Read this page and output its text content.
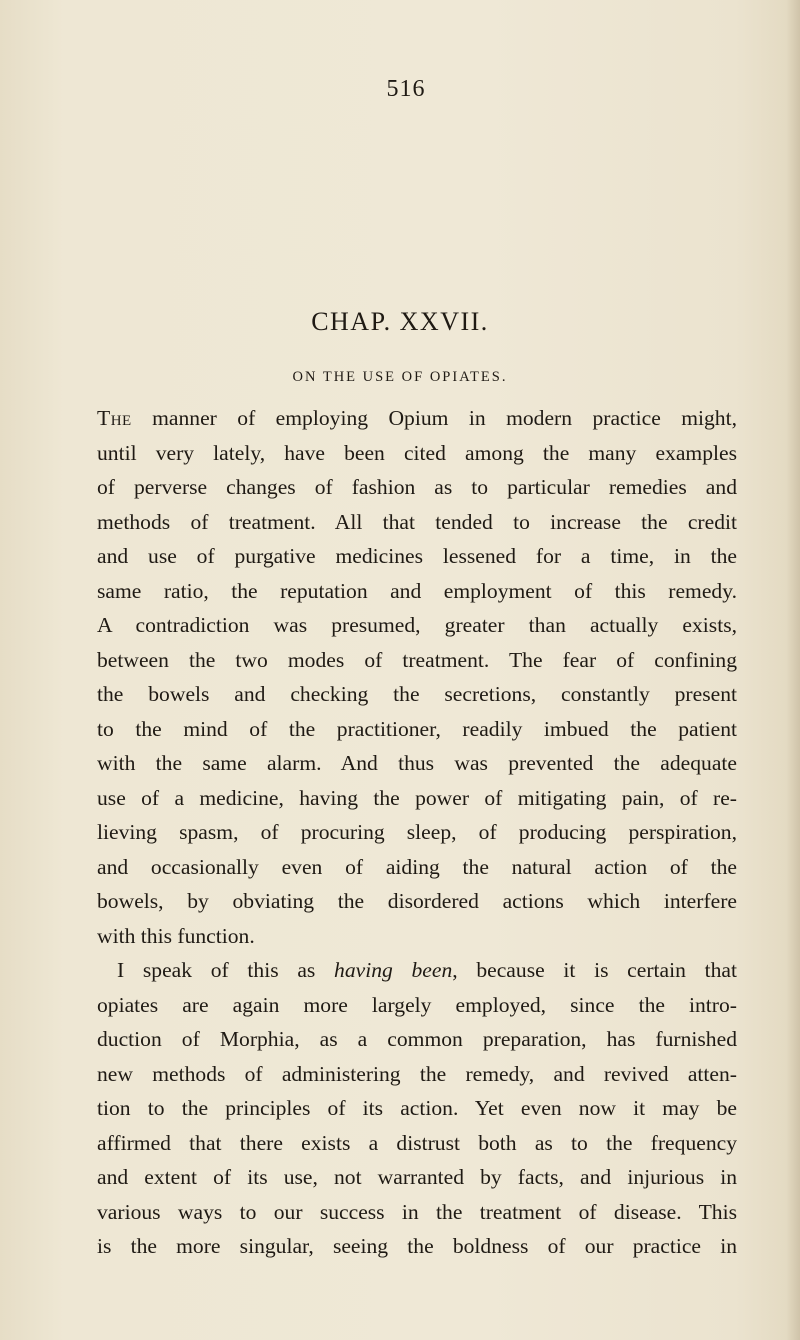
516
CHAP. XXVII.
ON THE USE OF OPIATES.
The manner of employing Opium in modern practice might,
until very lately, have been cited among the many examples
of perverse changes of fashion as to particular remedies and
methods of treatment. All that tended to increase the credit
and use of purgative medicines lessened for a time, in the
same ratio, the reputation and employment of this remedy.
A contradiction was presumed, greater than actually exists,
between the two modes of treatment. The fear of confining
the bowels and checking the secretions, constantly present
to the mind of the practitioner, readily imbued the patient
with the same alarm. And thus was prevented the adequate
use of a medicine, having the power of mitigating pain, of re-
lieving spasm, of procuring sleep, of producing perspiration,
and occasionally even of aiding the natural action of the
bowels, by obviating the disordered actions which interfere
with this function.
I speak of this as having been, because it is certain that
opiates are again more largely employed, since the intro-
duction of Morphia, as a common preparation, has furnished
new methods of administering the remedy, and revived atten-
tion to the principles of its action. Yet even now it may be
affirmed that there exists a distrust both as to the frequency
and extent of its use, not warranted by facts, and injurious in
various ways to our success in the treatment of disease. This
is the more singular, seeing the boldness of our practice in
